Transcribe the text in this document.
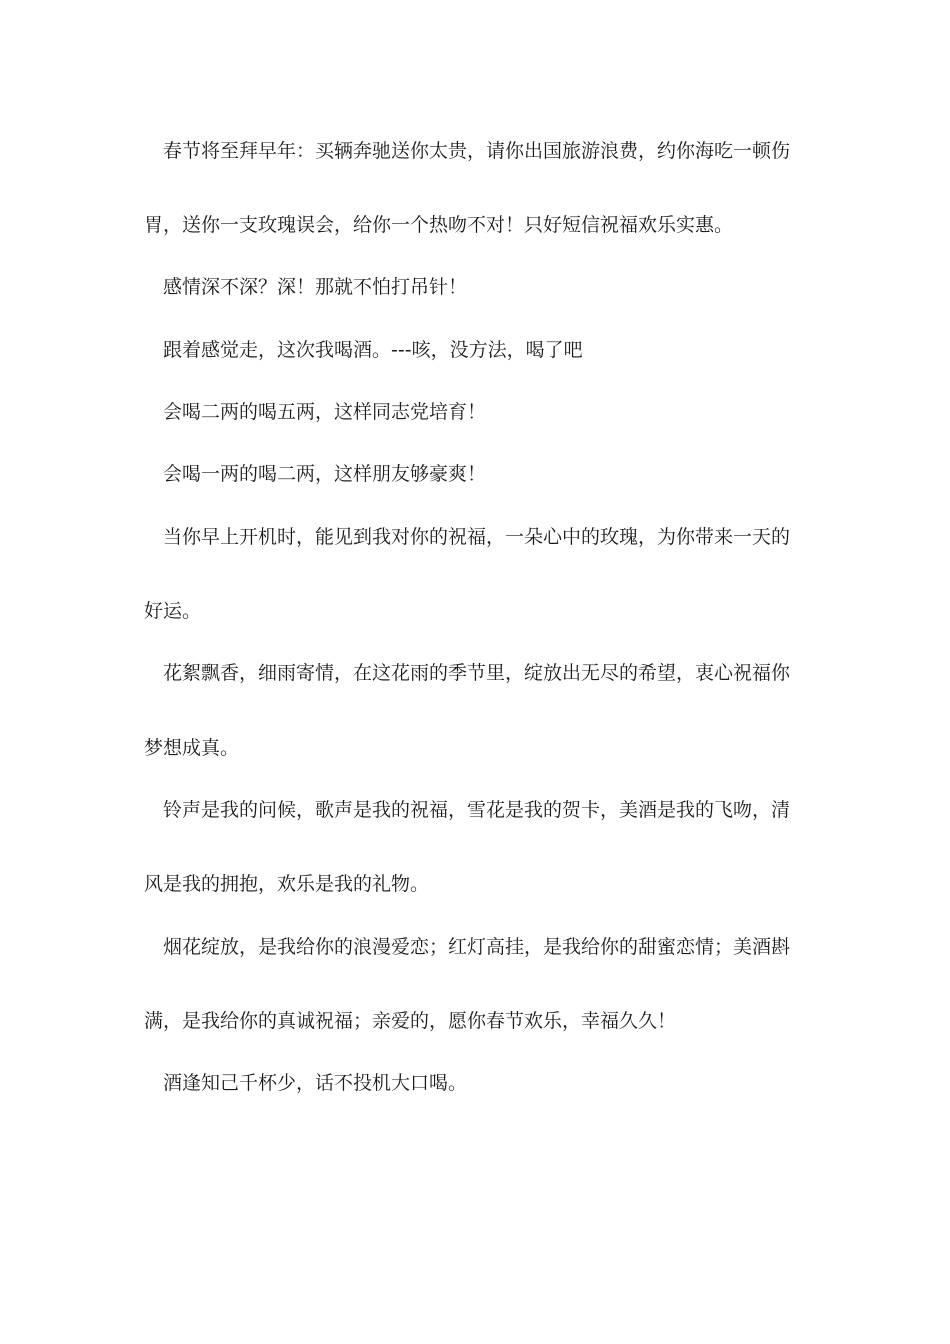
春节将至拜早年：买辆奔驰送你太贵，请你出国旅游浪费，约你海吃一顿伤

胃，送你一支玫瑰误会，给你一个热吻不对！只好短信祝福欢乐实惠。

感情深不深？深！那就不怕打吊针！

跟着感觉走，这次我喝酒。---咳，没方法，喝了吧

会喝二两的喝五两，这样同志党培育！

会喝一两的喝二两，这样朋友够豪爽！

当你早上开机时，能见到我对你的祝福，一朵心中的玫瑰，为你带来一天的

好运。

花絮飘香，细雨寄情，在这花雨的季节里，绽放出无尽的希望，衷心祝福你

梦想成真。

铃声是我的问候，歌声是我的祝福，雪花是我的贺卡，美酒是我的飞吻，清

风是我的拥抱，欢乐是我的礼物。

烟花绽放，是我给你的浪漫爱恋；红灯高挂，是我给你的甜蜜恋情；美酒斟

满，是我给你的真诚祝福；亲爱的，愿你春节欢乐，幸福久久！

酒逢知己千杯少，话不投机大口喝。
